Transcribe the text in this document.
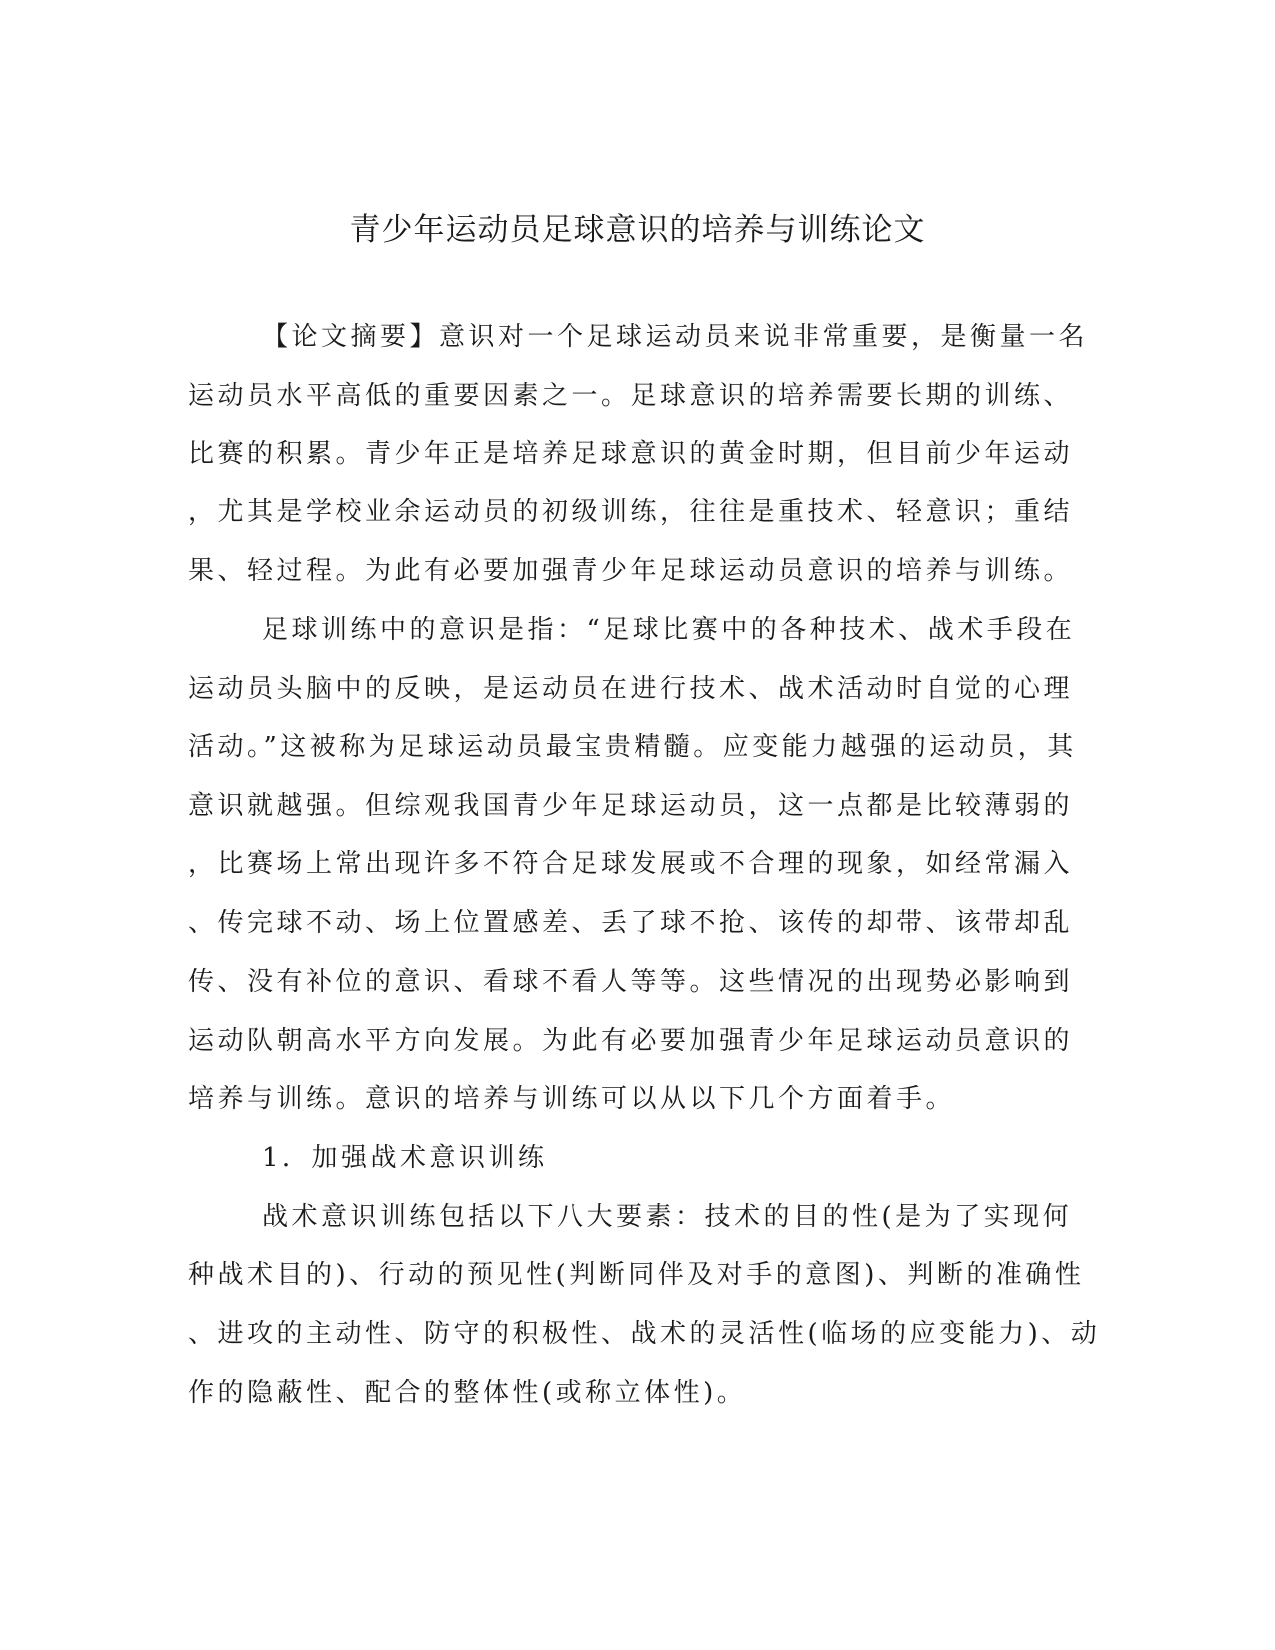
青少年运动员足球意识的培养与训练论文
【论文摘要】意识对一个足球运动员来说非常重要，是衡量一名
运动员水平高低的重要因素之一。足球意识的培养需要长期的训练、
比赛的积累。青少年正是培养足球意识的黄金时期，但目前少年运动
，尤其是学校业余运动员的初级训练，往往是重技术、轻意识；重结
果、轻过程。为此有必要加强青少年足球运动员意识的培养与训练。
足球训练中的意识是指：“足球比赛中的各种技术、战术手段在
运动员头脑中的反映，是运动员在进行技术、战术活动时自觉的心理
活动。”这被称为足球运动员最宝贵精髓。应变能力越强的运动员，其
意识就越强。但综观我国青少年足球运动员，这一点都是比较薄弱的
，比赛场上常出现许多不符合足球发展或不合理的现象，如经常漏入
、传完球不动、场上位置感差、丢了球不抢、该传的却带、该带却乱
传、没有补位的意识、看球不看人等等。这些情况的出现势必影响到
运动队朝高水平方向发展。为此有必要加强青少年足球运动员意识的
培养与训练。意识的培养与训练可以从以下几个方面着手。
1．加强战术意识训练
战术意识训练包括以下八大要素：技术的目的性(是为了实现何
种战术目的)、行动的预见性(判断同伴及对手的意图)、判断的准确性
、进攻的主动性、防守的积极性、战术的灵活性(临场的应变能力)、动
作的隐蔽性、配合的整体性(或称立体性)。
